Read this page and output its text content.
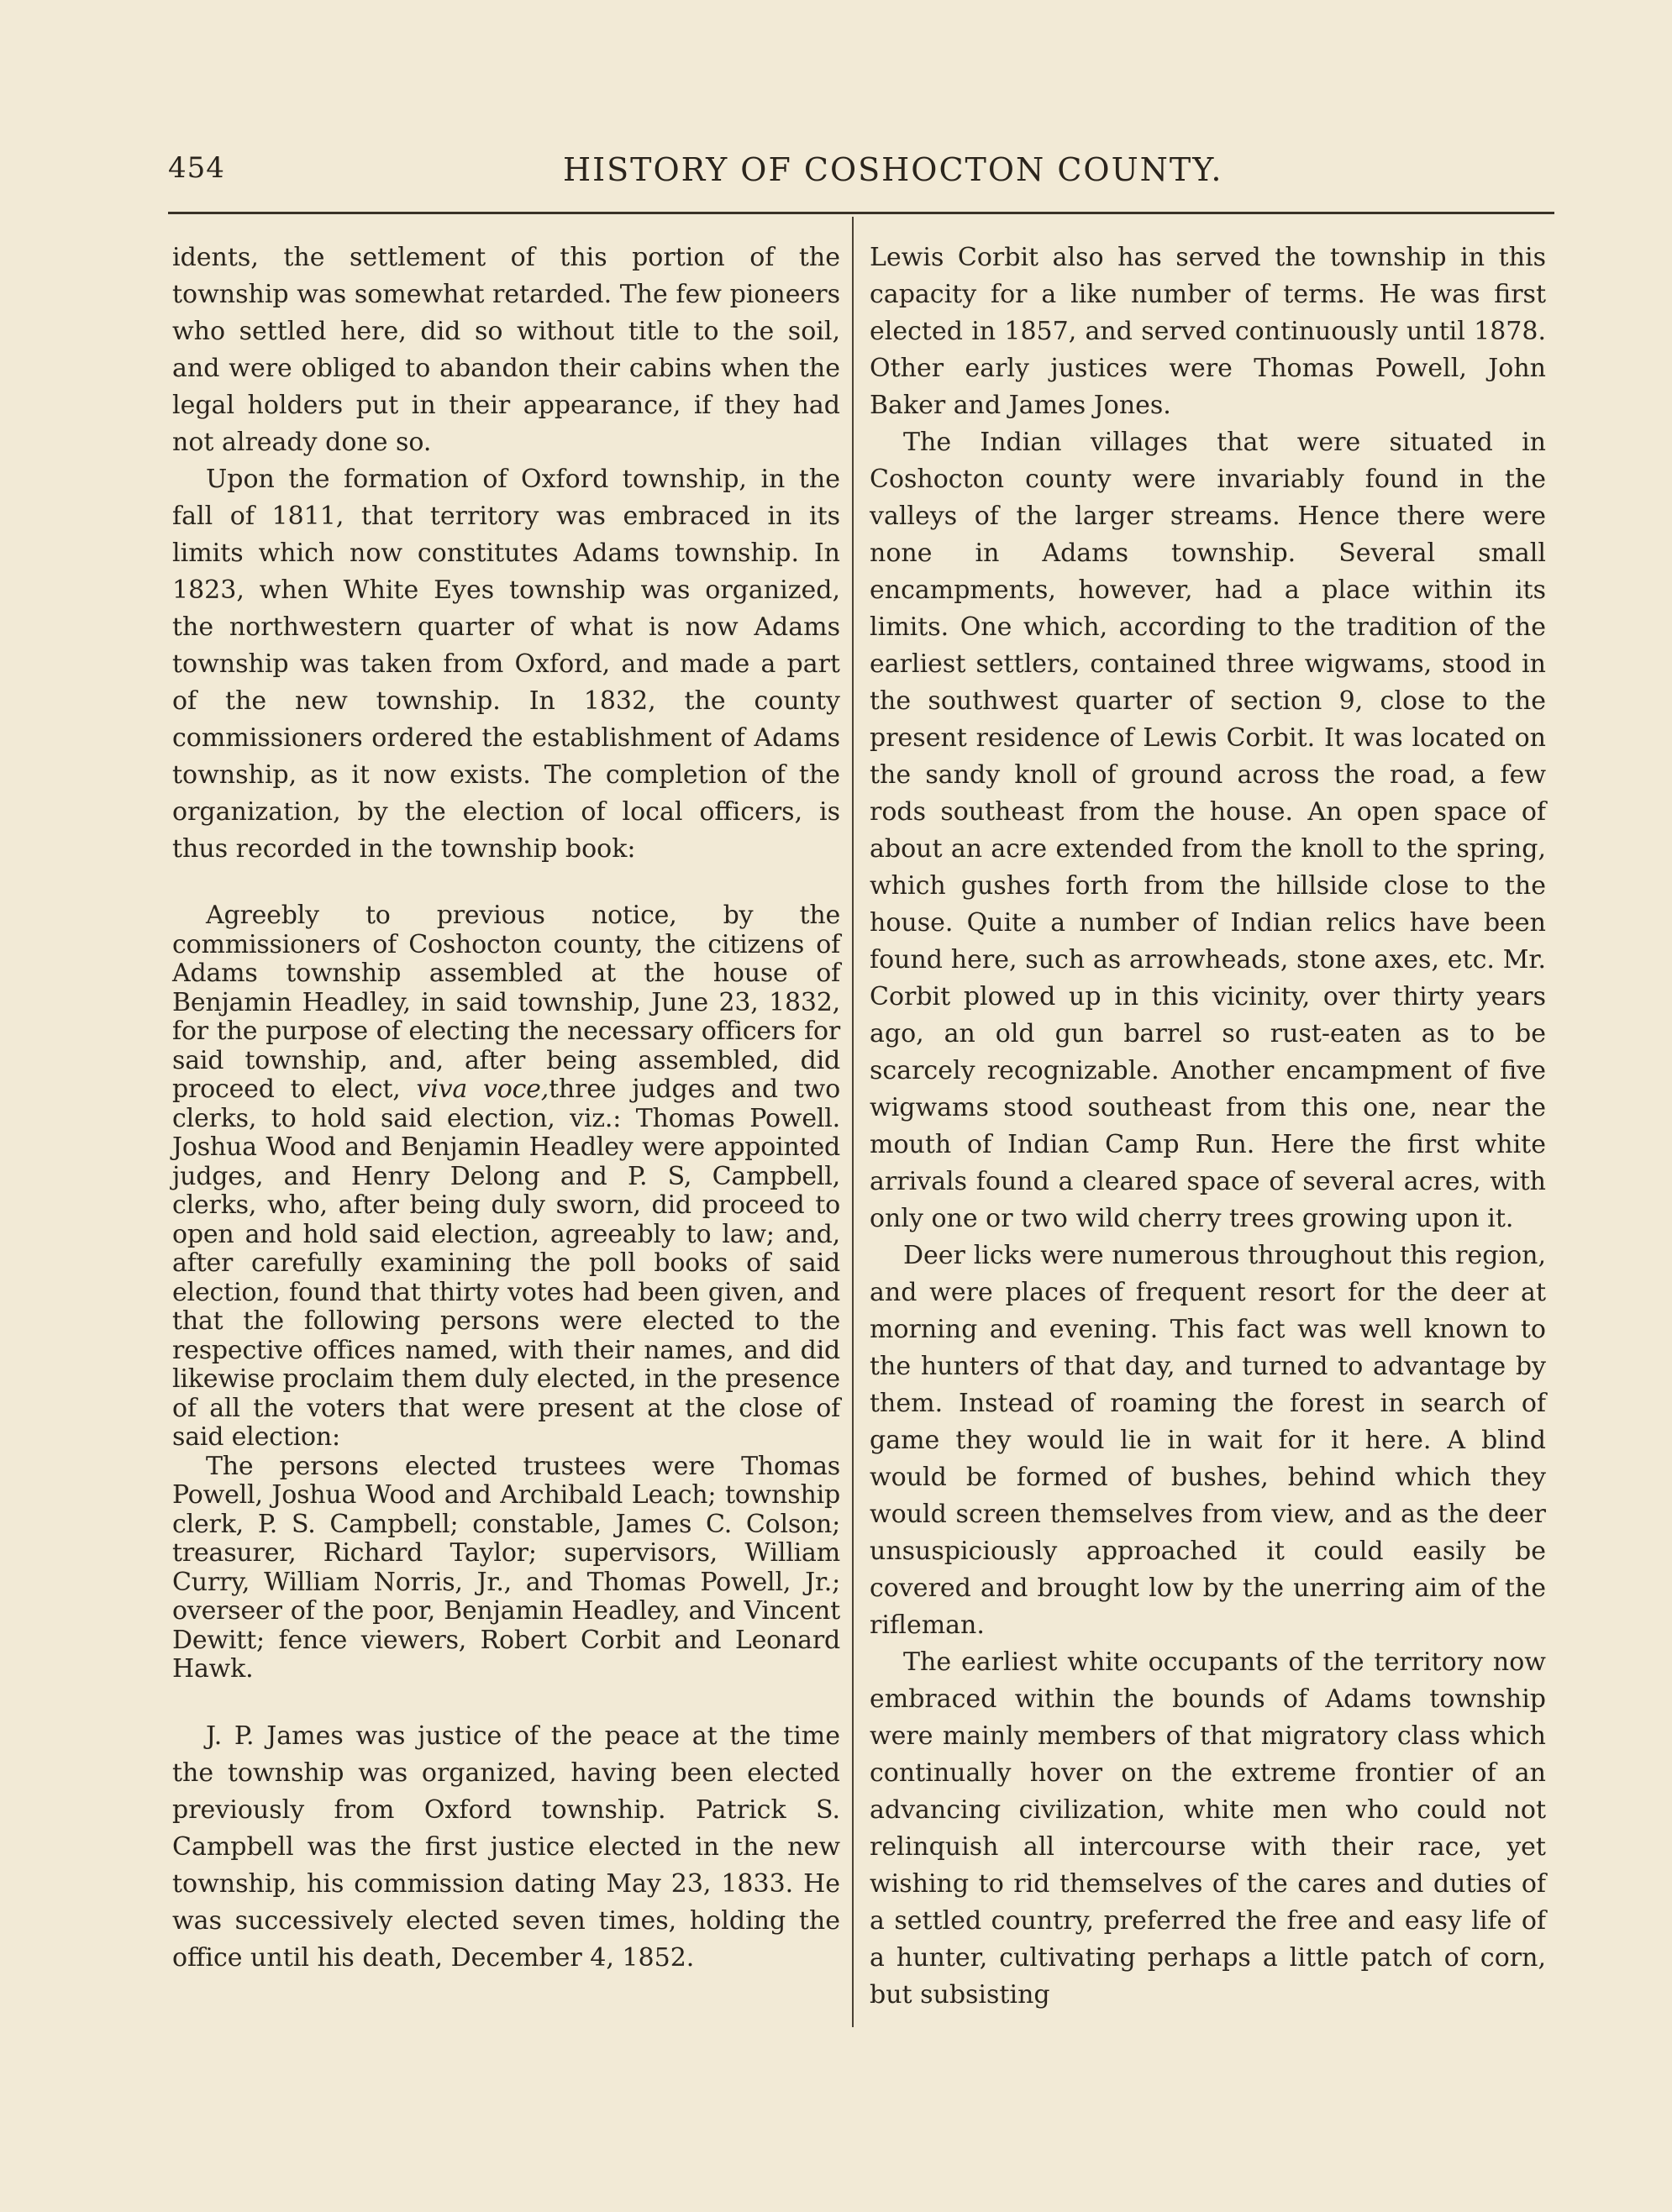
454	HISTORY OF COSHOCTON COUNTY.

idents, the settlement of this portion of the township was somewhat retarded. The few pioneers who settled here, did so without title to the soil, and were obliged to abandon their cabins when the legal holders put in their appearance, if they had not already done so.

Upon the formation of Oxford township, in the fall of 1811, that territory was embraced in its limits which now constitutes Adams township. In 1823, when White Eyes township was organized, the northwestern quarter of what is now Adams township was taken from Oxford, and made a part of the new township. In 1832, the county commissioners ordered the establishment of Adams township, as it now exists. The completion of the organization, by the election of local officers, is thus recorded in the township book:

Agreebly to previous notice, by the commissioners of Coshocton county, the citizens of Adams township assembled at the house of Benjamin Headley, in said township, June 23, 1832, for the purpose of electing the necessary officers for said township, and, after being assembled, did proceed to elect, viva voce,three judges and two clerks, to hold said election, viz.: Thomas Powell. Joshua Wood and Benjamin Headley were appointed judges, and Henry Delong and P. S, Campbell, clerks, who, after being duly sworn, did proceed to open and hold said election, agreeably to law; and, after carefully examining the poll books of said election, found that thirty votes had been given, and that the following persons were elected to the respective offices named, with their names, and did likewise proclaim them duly elected, in the presence of all the voters that were present at the close of said election:

The persons elected trustees were Thomas Powell, Joshua Wood and Archibald Leach; township clerk, P. S. Campbell; constable, James C. Colson; treasurer, Richard Taylor; supervisors, William Curry, William Norris, Jr., and Thomas Powell, Jr.; overseer of the poor, Benjamin Headley, and Vincent Dewitt; fence viewers, Robert Corbit and Leonard Hawk.

J. P. James was justice of the peace at the time the township was organized, having been elected previously from Oxford township. Patrick S. Campbell was the first justice elected in the new township, his commission dating May 23, 1833. He was successively elected seven times, holding the office until his death, December 4, 1852.

Lewis Corbit also has served the township in this capacity for a like number of terms. He was first elected in 1857, and served continuously until 1878. Other early justices were Thomas Powell, John Baker and James Jones.

The Indian villages that were situated in Coshocton county were invariably found in the valleys of the larger streams. Hence there were none in Adams township. Several small encampments, however, had a place within its limits. One which, according to the tradition of the earliest settlers, contained three wigwams, stood in the southwest quarter of section 9, close to the present residence of Lewis Corbit. It was located on the sandy knoll of ground across the road, a few rods southeast from the house. An open space of about an acre extended from the knoll to the spring, which gushes forth from the hillside close to the house. Quite a number of Indian relics have been found here, such as arrowheads, stone axes, etc. Mr. Corbit plowed up in this vicinity, over thirty years ago, an old gun barrel so rust-eaten as to be scarcely recognizable. Another encampment of five wigwams stood southeast from this one, near the mouth of Indian Camp Run. Here the first white arrivals found a cleared space of several acres, with only one or two wild cherry trees growing upon it.

Deer licks were numerous throughout this region, and were places of frequent resort for the deer at morning and evening. This fact was well known to the hunters of that day, and turned to advantage by them. Instead of roaming the forest in search of game they would lie in wait for it here. A blind would be formed of bushes, behind which they would screen themselves from view, and as the deer unsuspiciously approached it could easily be covered and brought low by the unerring aim of the rifleman.

The earliest white occupants of the territory now embraced within the bounds of Adams township were mainly members of that migratory class which continually hover on the extreme frontier of an advancing civilization, white men who could not relinquish all intercourse with their race, yet wishing to rid themselves of the cares and duties of a settled country, preferred the free and easy life of a hunter, cultivating perhaps a little patch of corn, but subsisting
